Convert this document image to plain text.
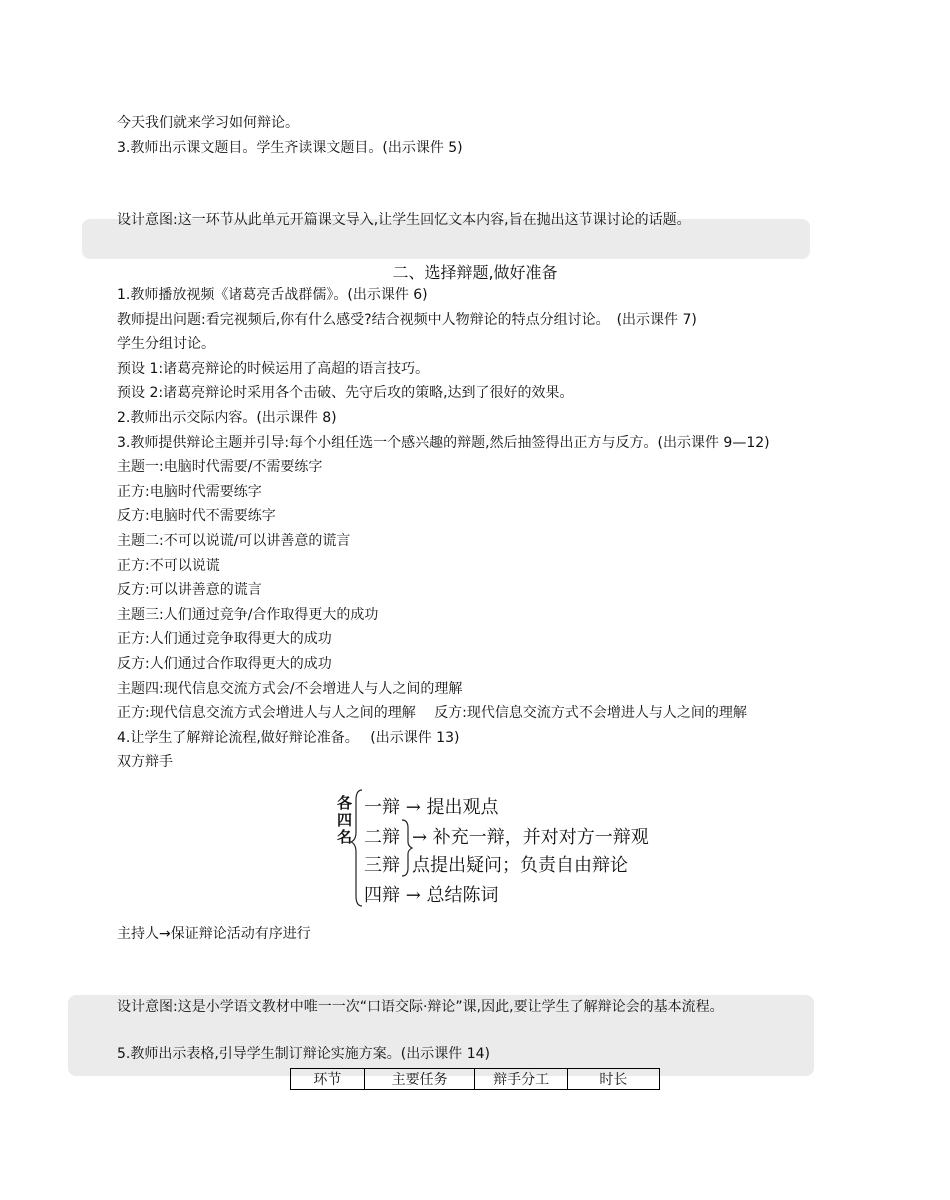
今天我们就来学习如何辩论。
3.教师出示课文题目。学生齐读课文题目。(出示课件 5)
设计意图:这一环节从此单元开篇课文导入,让学生回忆文本内容,旨在抛出这节课讨论的话题。
二、选择辩题,做好准备
1.教师播放视频《诸葛亮舌战群儒》。(出示课件 6)
教师提出问题:看完视频后,你有什么感受?结合视频中人物辩论的特点分组讨论。　(出示课件 7)
学生分组讨论。
预设 1:诸葛亮辩论的时候运用了高超的语言技巧。
预设 2:诸葛亮辩论时采用各个击破、先守后攻的策略,达到了很好的效果。
2.教师出示交际内容。(出示课件 8)
3.教师提供辩论主题并引导:每个小组任选一个感兴趣的辩题,然后抽签得出正方与反方。(出示课件 9—12)
主题一:电脑时代需要/不需要练字
正方:电脑时代需要练字
反方:电脑时代不需要练字
主题二:不可以说谎/可以讲善意的谎言
正方:不可以说谎
反方:可以讲善意的谎言
主题三:人们通过竞争/合作取得更大的成功
正方:人们通过竞争取得更大的成功
反方:人们通过合作取得更大的成功
主题四:现代信息交流方式会/不会增进人与人之间的理解
正方:现代信息交流方式会增进人与人之间的理解　 反方:现代信息交流方式不会增进人与人之间的理解
4.让学生了解辩论流程,做好辩论准备。　 (出示课件 13)
双方辩手
各四名
一辩 → 提出观点
二辩 → 补充一辩，并对对方一辩观
三辩 点提出疑问；负责自由辩论
四辩 → 总结陈词
主持人→保证辩论活动有序进行
设计意图:这是小学语文教材中唯一一次“口语交际·辩论”课,因此,要让学生了解辩论会的基本流程。
5.教师出示表格,引导学生制订辩论实施方案。(出示课件 14)
环节	主要任务	辩手分工	时长
